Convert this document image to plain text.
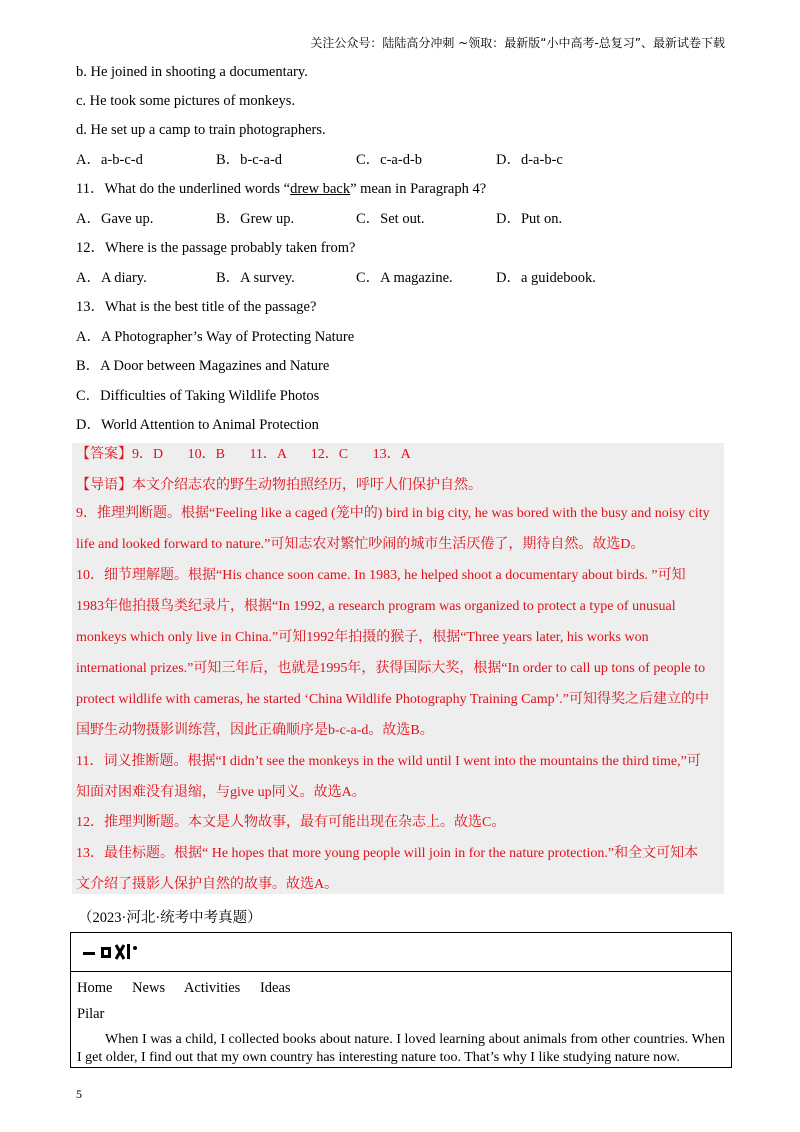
关注公众号：陆陆高分冲刺 ~领取：最新版“小中高考-总复习”、最新试卷下载
b. He joined in shooting a documentary.
c. He took some pictures of monkeys.
d. He set up a camp to train photographers.
A．a-b-c-d	B．b-c-a-d	C．c-a-d-b	D．d-a-b-c
11．What do the underlined words “drew back” mean in Paragraph 4?
A．Gave up.	B．Grew up.	C．Set out.	D．Put on.
12．Where is the passage probably taken from?
A．A diary.	B．A survey.	C．A magazine.	D．a guidebook.
13．What is the best title of the passage?
A．A Photographer’s Way of Protecting Nature
B．A Door between Magazines and Nature
C．Difficulties of Taking Wildlife Photos
D．World Attention to Animal Protection
【答案】9．D       10．B       11．A       12．C       13．A
【导语】本文介绍志农的野生动物拍照经历，呼吁人们保护自然。
9．推理判断题。根据“Feeling like a caged (笼中的) bird in big city, he was bored with the busy and noisy city
life and looked forward to nature.”可知志农对繁忙吵闹的城市生活厌倦了，期待自然。故选D。
10．细节理解题。根据“His chance soon came. In 1983, he helped shoot a documentary about birds. ”可知
1983年他拍摄鸟类纪录片，根据“In 1992, a research program was organized to protect a type of unusual
monkeys which only live in China.”可知1992年拍摄的猴子，根据“Three years later, his works won
international prizes.”可知三年后，也就是1995年，获得国际大奖，根据“In order to call up tons of people to
protect wildlife with cameras, he started ‘China Wildlife Photography Training Camp’.”可知得奖之后建立的中
国野生动物摄影训练营，因此正确顺序是b-c-a-d。故选B。
11．词义推断题。根据“I didn’t see the monkeys in the wild until I went into the mountains the third time,”可
知面对困难没有退缩，与give up同义。故选A。
12．推理判断题。本文是人物故事，最有可能出现在杂志上。故选C。
13．最佳标题。根据“ He hopes that more young people will join in for the nature protection.”和全文可知本
文介绍了摄影人保护自然的故事。故选A。
（2023·河北·统考中考真题）
Home News Activities Ideas
Pilar
When I was a child, I collected books about nature. I loved learning about animals from other countries. When I get older, I find out that my own country has interesting nature too. That’s why I like studying nature now.
5
